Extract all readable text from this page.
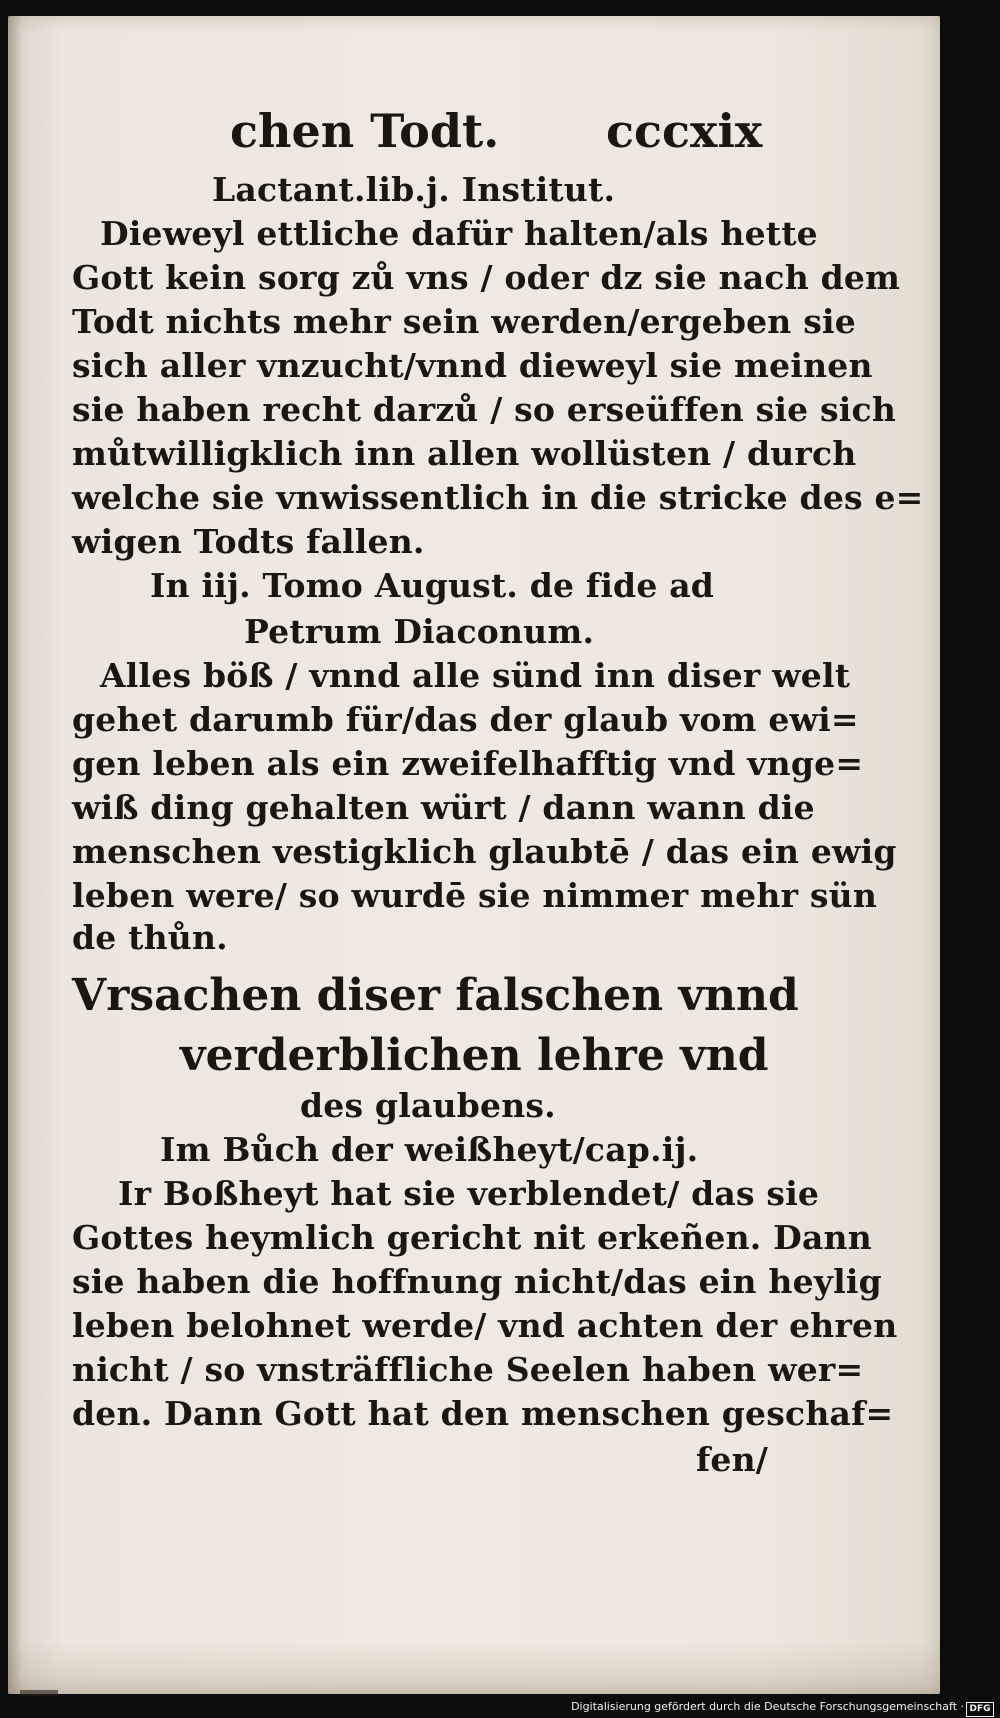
chen Todt. cccxix
Lactant.lib.j. Institut.
Dieweyl ettliche dafür halten/als hette
Gott kein sorg zů vns / oder dz sie nach dem
Todt nichts mehr sein werden/ergeben sie
sich aller vnzucht/vnnd dieweyl sie meinen
sie haben recht darzů / so erseüffen sie sich
můtwilligklich inn allen wollüsten / durch
welche sie vnwissentlich in die stricke des e=
wigen Todts fallen.
In iij. Tomo August. de fide ad
Petrum Diaconum.
Alles böß / vnnd alle sünd inn diser welt
gehet darumb für/das der glaub vom ewi=
gen leben als ein zweifelhafftig vnd vnge=
wiß ding gehalten würt / dann wann die
menschen vestigklich glaubtē / das ein ewig
leben were/ so wurdē sie nimmer mehr sün
de thůn.
Vrsachen diser falschen vnnd
verderblichen lehre vnd
des glaubens.
Im Bůch der weißheyt/cap.ij.
Ir Boßheyt hat sie verblendet/ das sie
Gottes heymlich gericht nit erkeñen. Dann
sie haben die hoffnung nicht/das ein heylig
leben belohnet werde/ vnd achten der ehren
nicht / so vnsträffliche Seelen haben wer=
den. Dann Gott hat den menschen geschaf=
fen/
Digitalisierung gefördert durch die Deutsche Forschungsgemeinschaft · DFG
